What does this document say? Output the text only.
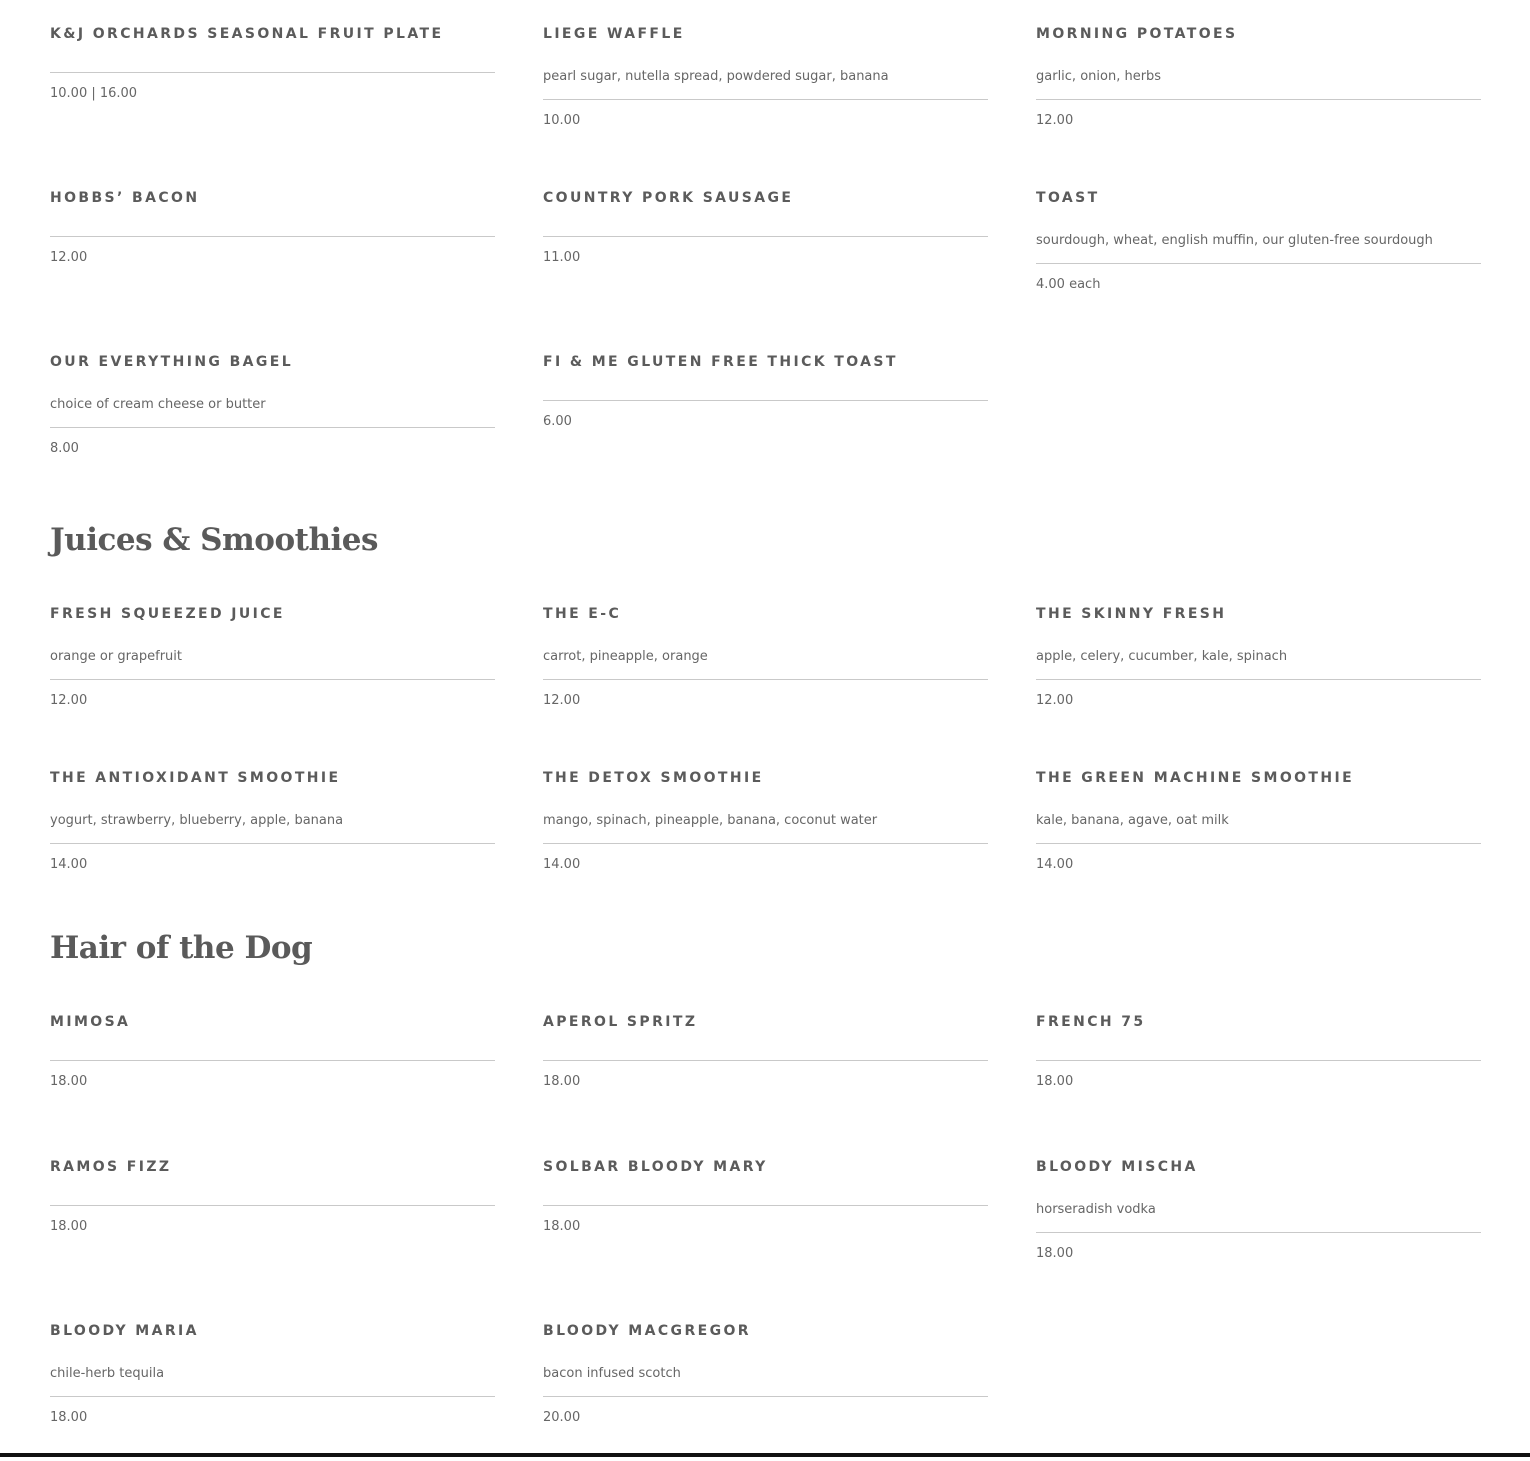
K&J ORCHARDS SEASONAL FRUIT PLATE
10.00 | 16.00
LIEGE WAFFLE
pearl sugar, nutella spread, powdered sugar, banana
10.00
MORNING POTATOES
garlic, onion, herbs
12.00
HOBBS’ BACON
12.00
COUNTRY PORK SAUSAGE
11.00
TOAST
sourdough, wheat, english muffin, our gluten-free sourdough
4.00 each
OUR EVERYTHING BAGEL
choice of cream cheese or butter
8.00
FI & ME GLUTEN FREE THICK TOAST
6.00
Juices & Smoothies
FRESH SQUEEZED JUICE
orange or grapefruit
12.00
THE E-C
carrot, pineapple, orange
12.00
THE SKINNY FRESH
apple, celery, cucumber, kale, spinach
12.00
THE ANTIOXIDANT SMOOTHIE
yogurt, strawberry, blueberry, apple, banana
14.00
THE DETOX SMOOTHIE
mango, spinach, pineapple, banana, coconut water
14.00
THE GREEN MACHINE SMOOTHIE
kale, banana, agave, oat milk
14.00
Hair of the Dog
MIMOSA
18.00
APEROL SPRITZ
18.00
FRENCH 75
18.00
RAMOS FIZZ
18.00
SOLBAR BLOODY MARY
18.00
BLOODY MISCHA
horseradish vodka
18.00
BLOODY MARIA
chile-herb tequila
18.00
BLOODY MACGREGOR
bacon infused scotch
20.00
